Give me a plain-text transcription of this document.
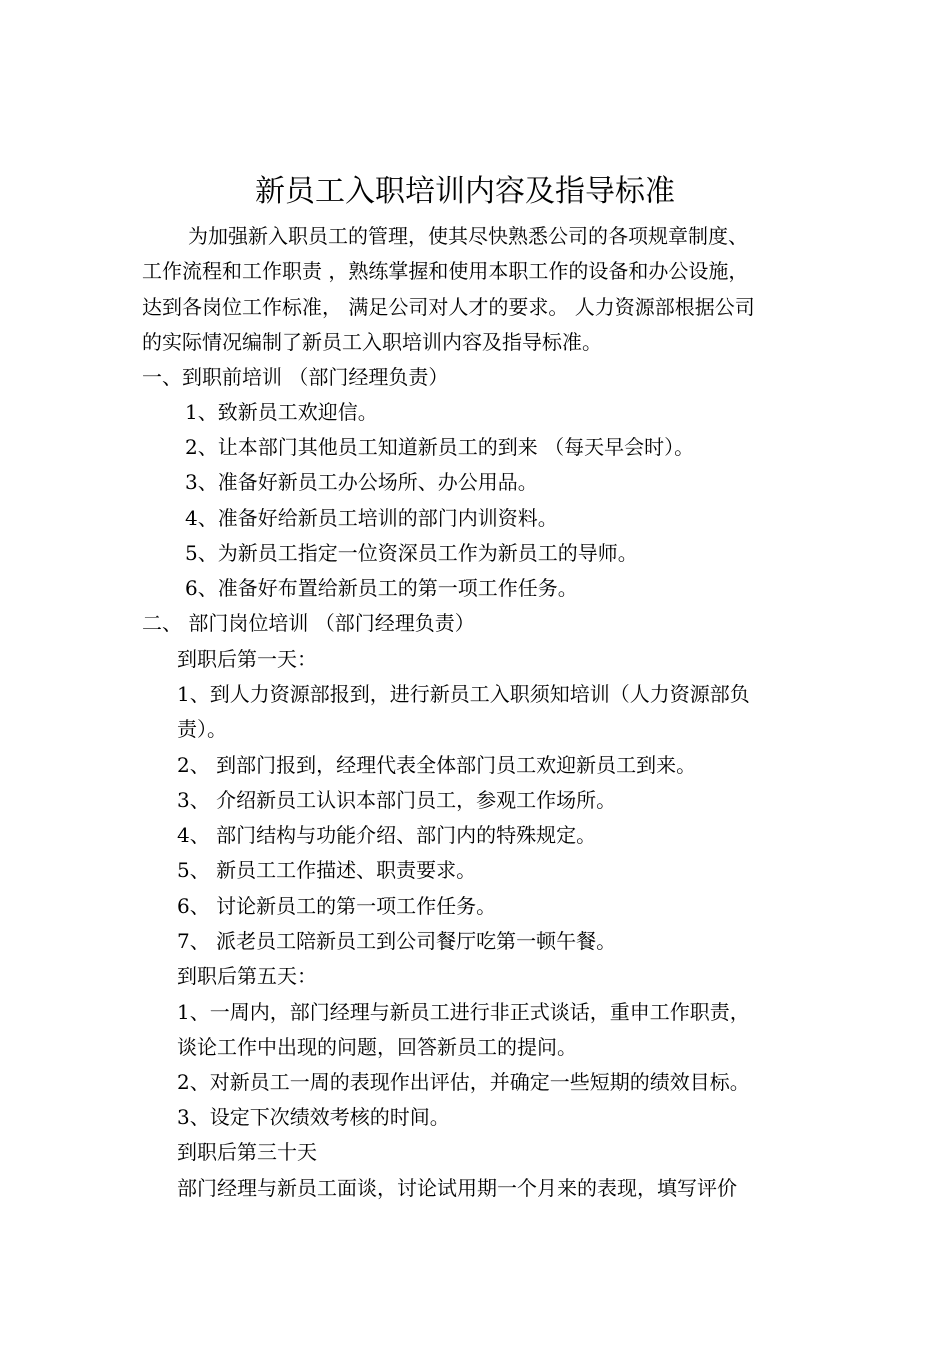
新员工入职培训内容及指导标准
为加强新入职员工的管理，使其尽快熟悉公司的各项规章制度、
工作流程和工作职责 ，熟练掌握和使用本职工作的设备和办公设施，
达到各岗位工作标准， 满足公司对人才的要求。 人力资源部根据公司
的实际情况编制了新员工入职培训内容及指导标准。
一、到职前培训 （部门经理负责）
1、致新员工欢迎信。
2、让本部门其他员工知道新员工的到来 （每天早会时）。
3、准备好新员工办公场所、办公用品。
4、准备好给新员工培训的部门内训资料。
5、为新员工指定一位资深员工作为新员工的导师。
6、准备好布置给新员工的第一项工作任务。
二、 部门岗位培训 （部门经理负责）
到职后第一天：
1、到人力资源部报到，进行新员工入职须知培训（人力资源部负
责）。
2、 到部门报到，经理代表全体部门员工欢迎新员工到来。
3、 介绍新员工认识本部门员工，参观工作场所。
4、 部门结构与功能介绍、部门内的特殊规定。
5、 新员工工作描述、职责要求。
6、 讨论新员工的第一项工作任务。
7、 派老员工陪新员工到公司餐厅吃第一顿午餐。
到职后第五天：
1、一周内，部门经理与新员工进行非正式谈话，重申工作职责，
谈论工作中出现的问题，回答新员工的提问。
2、对新员工一周的表现作出评估，并确定一些短期的绩效目标。
3、设定下次绩效考核的时间。
到职后第三十天
部门经理与新员工面谈，讨论试用期一个月来的表现，填写评价
